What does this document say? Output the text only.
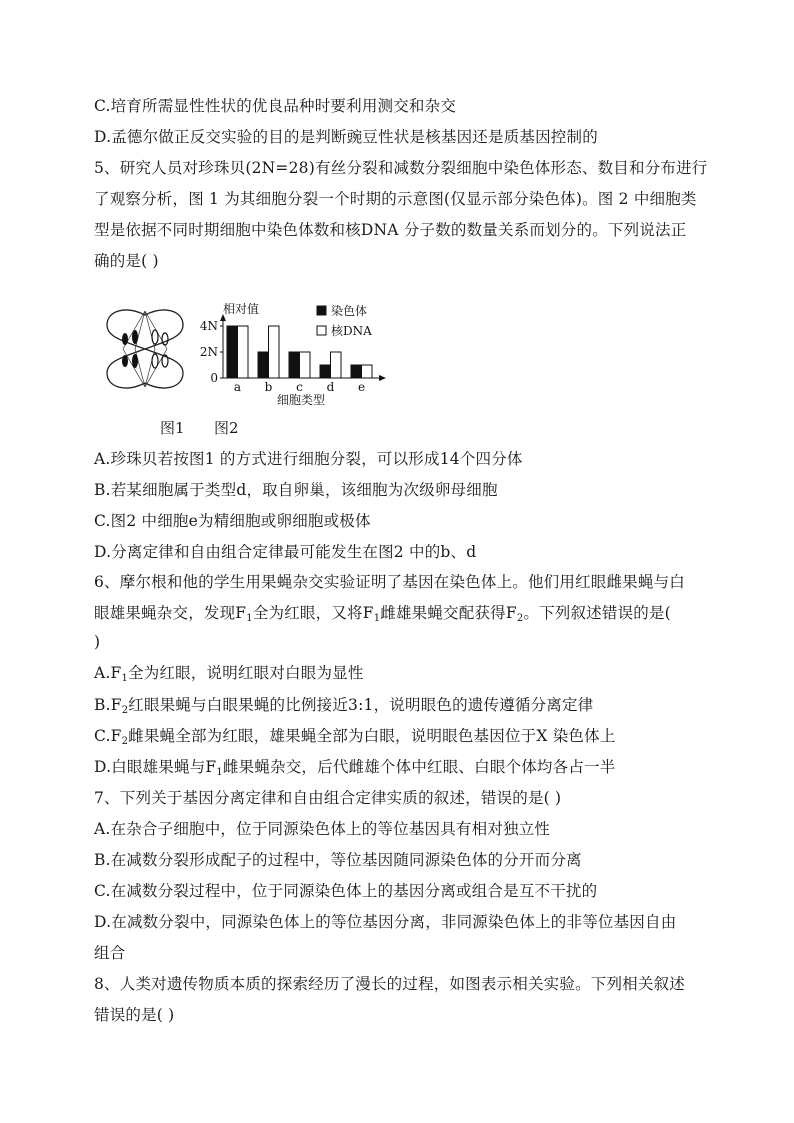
C.培育所需显性性状的优良品种时要利用测交和杂交
D.孟德尔做正反交实验的目的是判断豌豆性状是核基因还是质基因控制的
5、研究人员对珍珠贝(2N=28)有丝分裂和减数分裂细胞中染色体形态、数目和分布进行
了观察分析，图 1 为其细胞分裂一个时期的示意图(仅显示部分染色体)。图 2 中细胞类
型是依据不同时期细胞中染色体数和核DNA 分子数的数量关系而划分的。下列说法正
确的是( )
相对值	染色体
核DNA
4N
2N
0
a b c d e
细胞类型
图1 图2
A.珍珠贝若按图1 的方式进行细胞分裂，可以形成14个四分体
B.若某细胞属于类型d，取自卵巢，该细胞为次级卵母细胞
C.图2 中细胞e为精细胞或卵细胞或极体
D.分离定律和自由组合定律最可能发生在图2 中的b、d
6、摩尔根和他的学生用果蝇杂交实验证明了基因在染色体上。他们用红眼雌果蝇与白
眼雄果蝇杂交，发现$F_1$全为红眼，又将$F_1$雌雄果蝇交配获得$F_2$。下列叙述错误的是(
)
$A.F_1$全为红眼，说明红眼对白眼为显性
$B.F_2$红眼果蝇与白眼果蝇的比例接近3:1，说明眼色的遗传遵循分离定律
$C.F_2$雌果蝇全部为红眼，雄果蝇全部为白眼，说明眼色基因位于X 染色体上
D.白眼雄果蝇与$F_1$雌果蝇杂交，后代雌雄个体中红眼、白眼个体均各占一半
7、下列关于基因分离定律和自由组合定律实质的叙述，错误的是( )
A.在杂合子细胞中，位于同源染色体上的等位基因具有相对独立性
B.在减数分裂形成配子的过程中，等位基因随同源染色体的分开而分离
C.在减数分裂过程中，位于同源染色体上的基因分离或组合是互不干扰的
D.在减数分裂中，同源染色体上的等位基因分离，非同源染色体上的非等位基因自由
组合
8、人类对遗传物质本质的探索经历了漫长的过程，如图表示相关实验。下列相关叙述
错误的是( )
